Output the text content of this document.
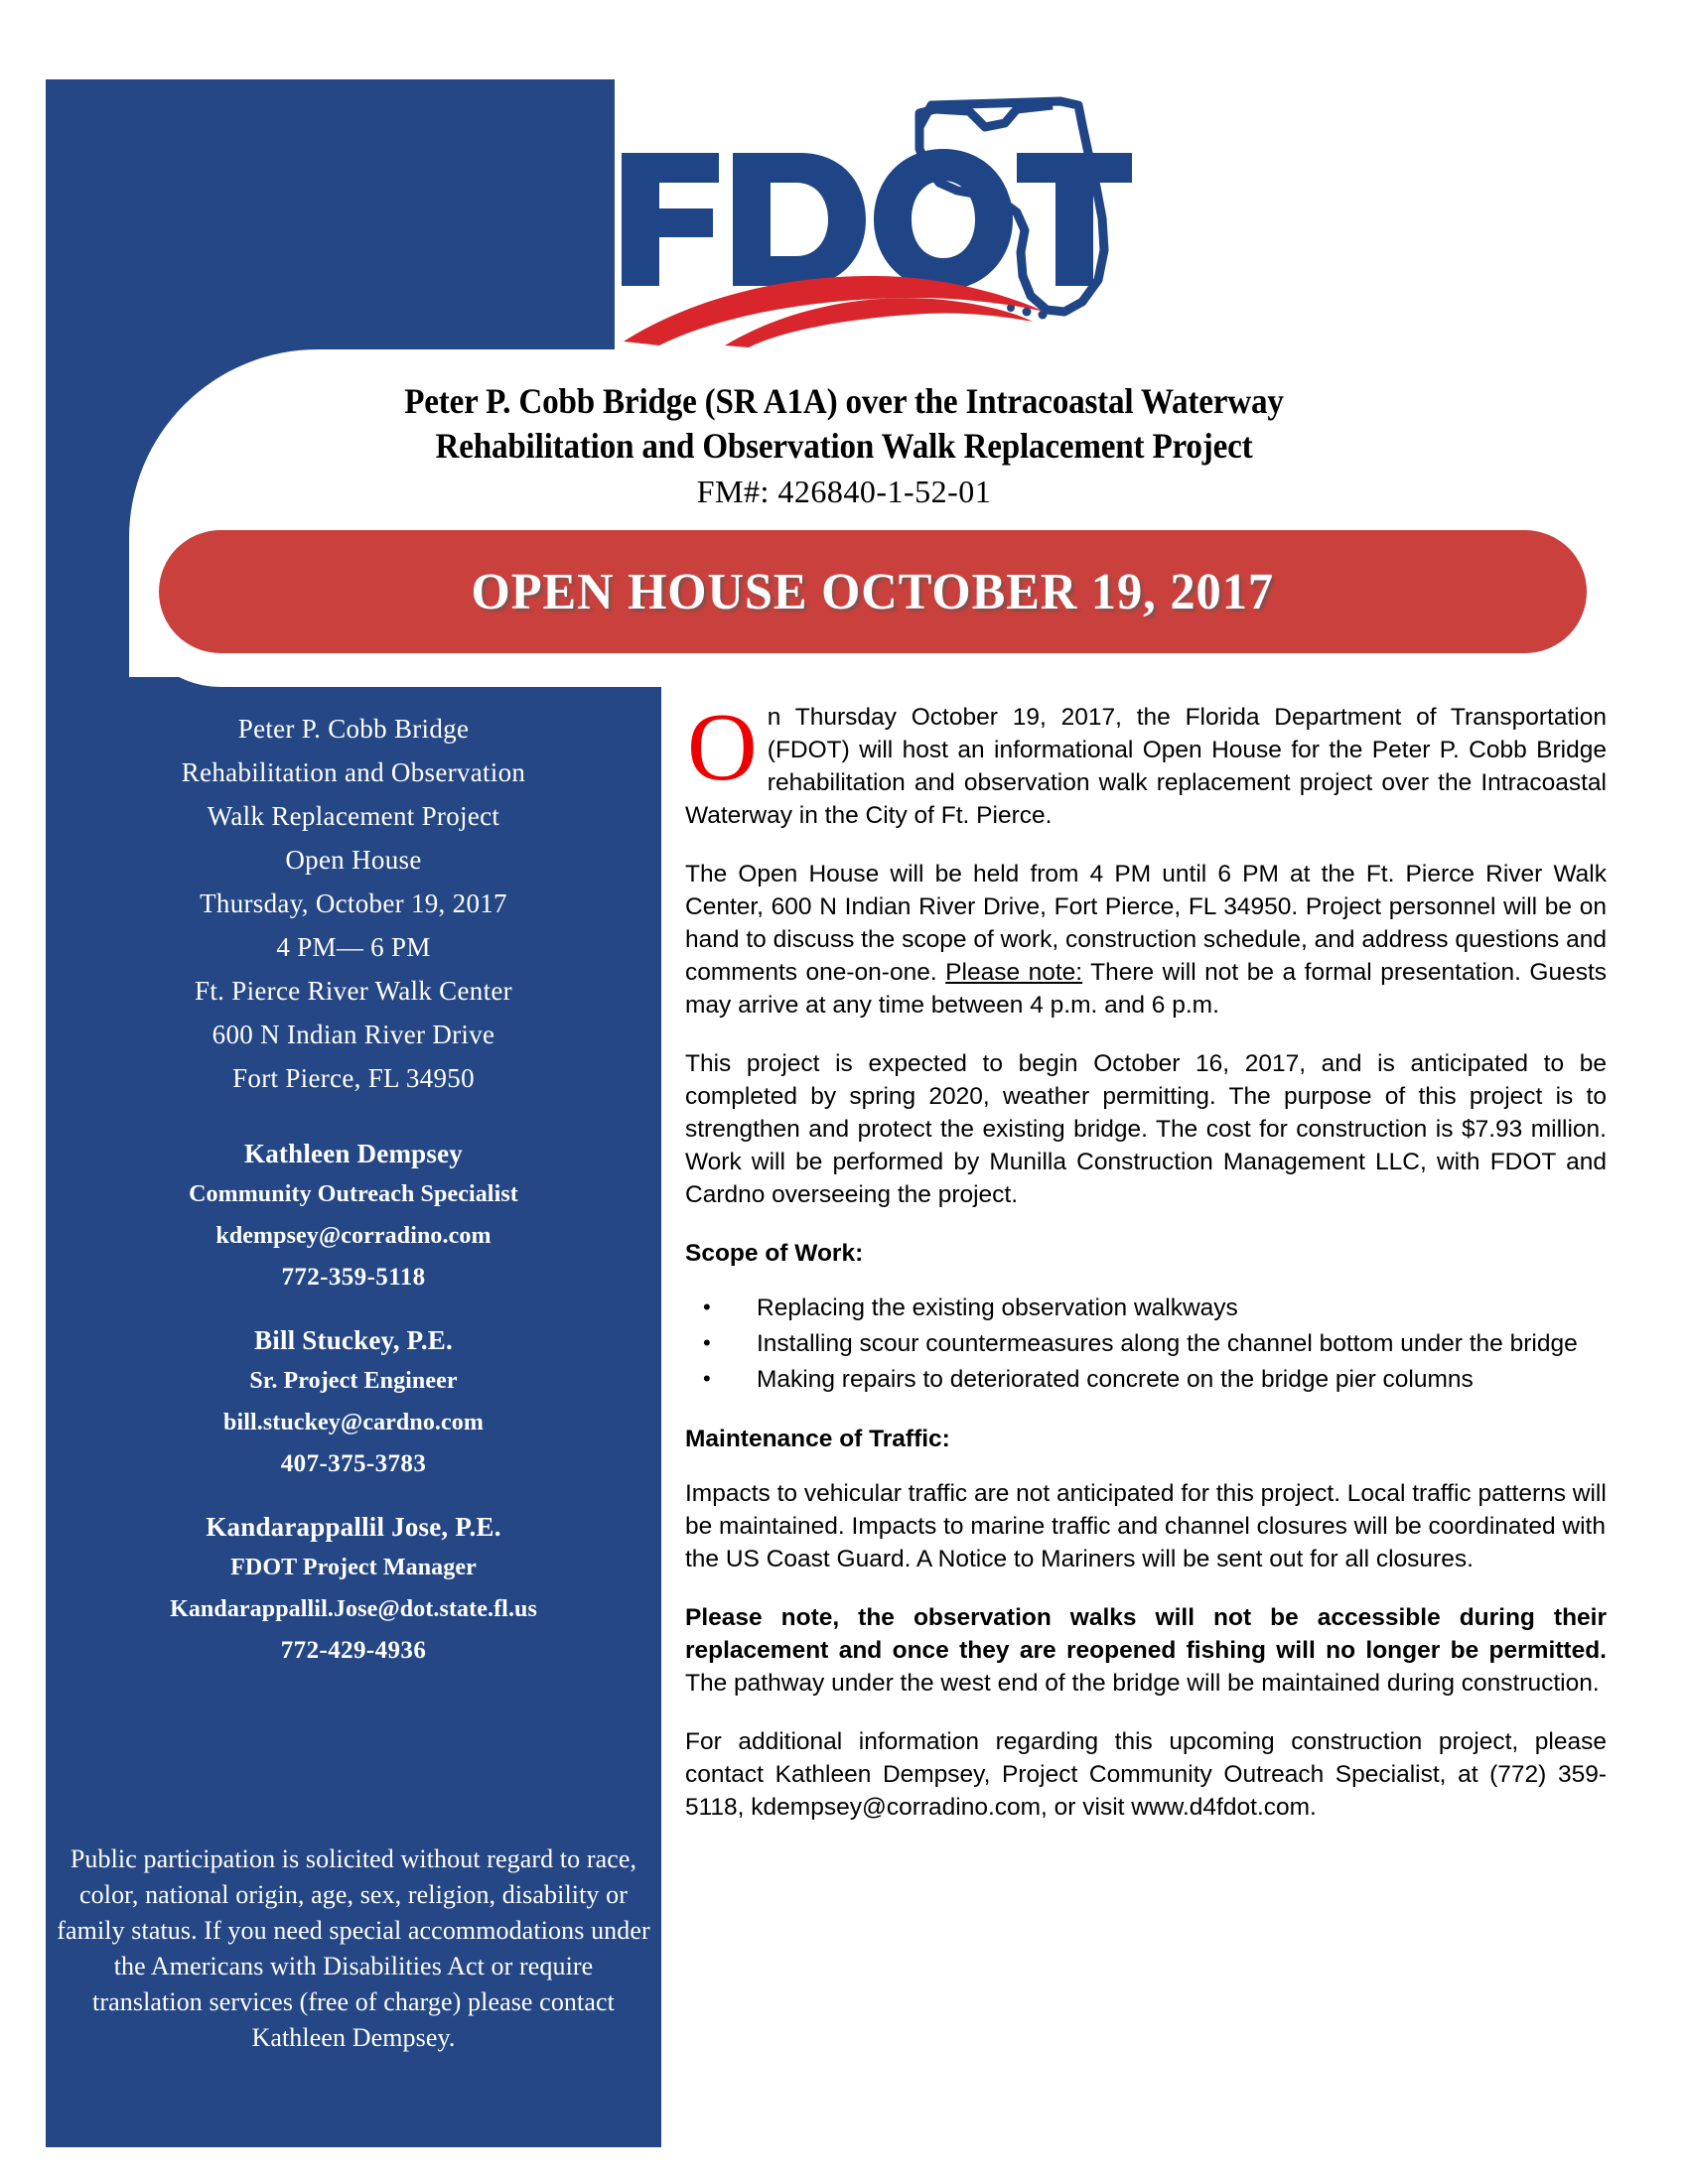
Peter P. Cobb Bridge (SR A1A) over the Intracoastal Waterway
Rehabilitation and Observation Walk Replacement Project
FM#: 426840-1-52-01
OPEN HOUSE OCTOBER 19, 2017
Peter P. Cobb Bridge
Rehabilitation and Observation
Walk Replacement Project
Open House
Thursday, October 19, 2017
4 PM— 6 PM
Ft. Pierce River Walk Center
600 N Indian River Drive
Fort Pierce, FL 34950
Kathleen Dempsey
Community Outreach Specialist
kdempsey@corradino.com
772-359-5118
Bill Stuckey, P.E.
Sr. Project Engineer
bill.stuckey@cardno.com
407-375-3783
Kandarappallil Jose, P.E.
FDOT Project Manager
Kandarappallil.Jose@dot.state.fl.us
772-429-4936
Public participation is solicited without regard to race, color, national origin, age, sex, religion, disability or family status. If you need special accommodations under the Americans with Disabilities Act or require translation services (free of charge) please contact Kathleen Dempsey.

On Thursday October 19, 2017, the Florida Department of Transportation (FDOT) will host an informational Open House for the Peter P. Cobb Bridge rehabilitation and observation walk replacement project over the Intracoastal Waterway in the City of Ft. Pierce.

The Open House will be held from 4 PM until 6 PM at the Ft. Pierce River Walk Center, 600 N Indian River Drive, Fort Pierce, FL 34950. Project personnel will be on hand to discuss the scope of work, construction schedule, and address questions and comments one-on-one. Please note: There will not be a formal presentation. Guests may arrive at any time between 4 p.m. and 6 p.m.

This project is expected to begin October 16, 2017, and is anticipated to be completed by spring 2020, weather permitting. The purpose of this project is to strengthen and protect the existing bridge. The cost for construction is $7.93 million. Work will be performed by Munilla Construction Management LLC, with FDOT and Cardno overseeing the project.

Scope of Work:
• Replacing the existing observation walkways
• Installing scour countermeasures along the channel bottom under the bridge
• Making repairs to deteriorated concrete on the bridge pier columns
Maintenance of Traffic:

Impacts to vehicular traffic are not anticipated for this project. Local traffic patterns will be maintained. Impacts to marine traffic and channel closures will be coordinated with the US Coast Guard. A Notice to Mariners will be sent out for all closures.

Please note, the observation walks will not be accessible during their replacement and once they are reopened fishing will no longer be permitted. The pathway under the west end of the bridge will be maintained during construction.

For additional information regarding this upcoming construction project, please contact Kathleen Dempsey, Project Community Outreach Specialist, at (772) 359-5118, kdempsey@corradino.com, or visit www.d4fdot.com.
